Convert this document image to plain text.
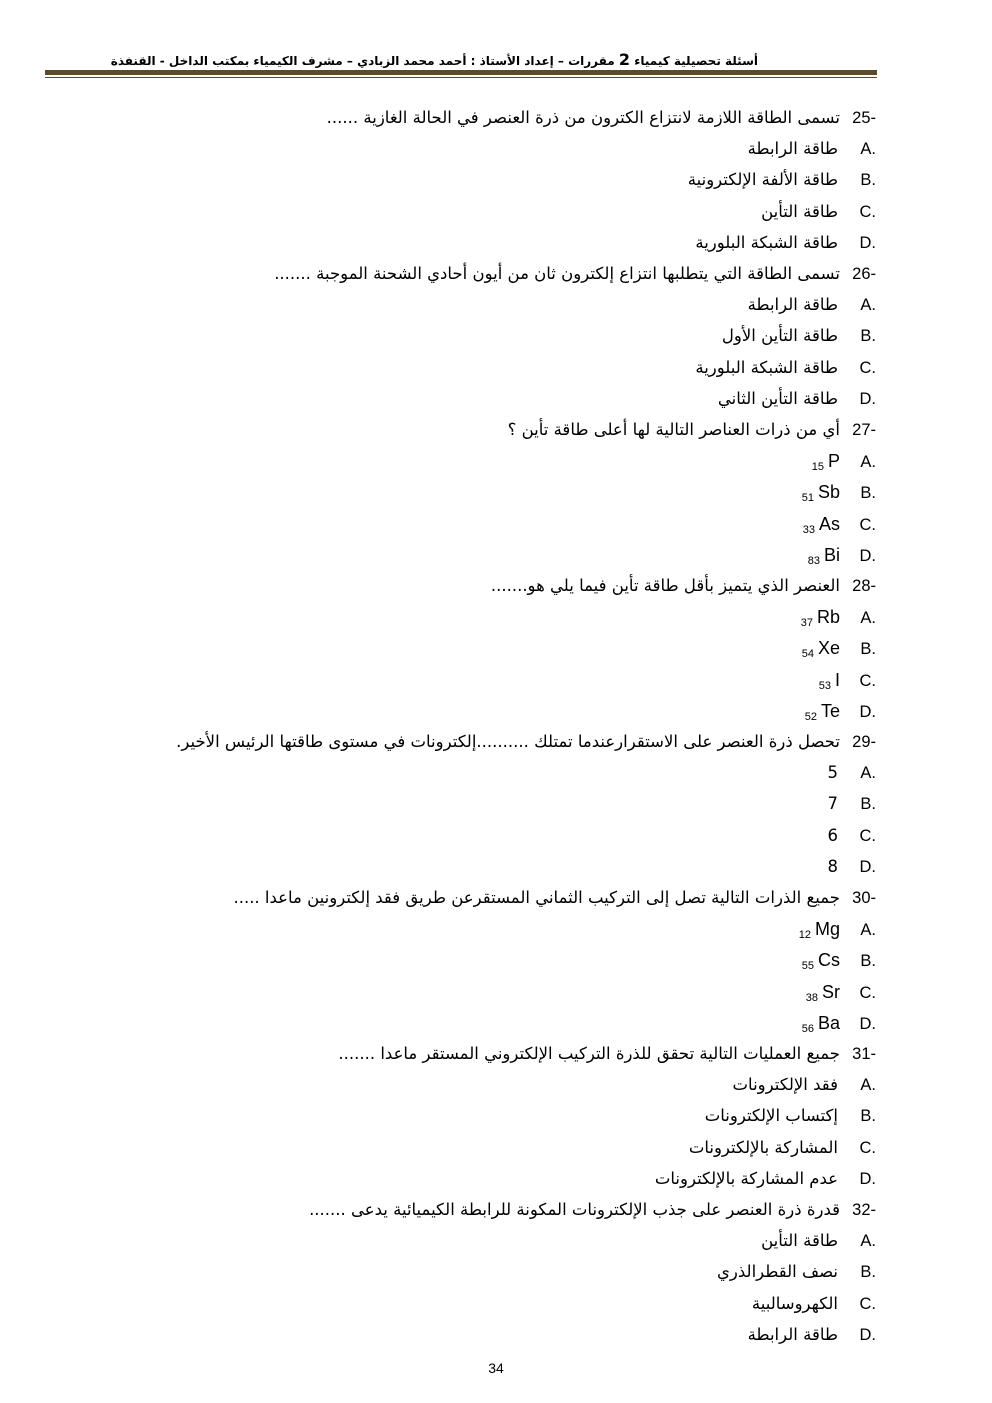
أسئلة تحصيلية كيمياء 2 مقررات – إعداد الأستاذ : أحمد محمد الزبادي – مشرف الكيمياء بمكتب الداخل - القنفذة
25-تسمى الطاقة اللازمة لانتزاع الكترون من ذرة العنصر في الحالة الغازية ......
A.طاقة الرابطة
B.طاقة الألفة الإلكترونية
C.طاقة التأين
D.طاقة الشبكة البلورية
26-تسمى الطاقة التي يتطلبها انتزاع إلكترون ثان من أيون أحادي الشحنة الموجبة .......
A.طاقة الرابطة
B.طاقة التأين الأول
C.طاقة الشبكة البلورية
D.طاقة التأين الثاني
27-أي من ذرات العناصر التالية لها أعلى طاقة تأين ؟
$A._{15}$ P
$B._{51}$ Sb
$C._{33}$ As
$D._{83}$ Bi
28-العنصر الذي يتميز بأقل طاقة تأين فيما يلي هو.......
$A._{37}$ Rb
$B._{54}$ Xe
$C._{53}$ I
$D._{52}$ Te
29-تحصل ذرة العنصر على الاستقرارعندما تمتلك ..........إلكترونات في مستوى طاقتها الرئيس الأخير.
A.5
B.7
C.6
D.8
30-جميع الذرات التالية تصل إلى التركيب الثماني المستقرعن طريق فقد إلكترونين ماعدا .....
$A._{12}$ Mg
$B._{55}$ Cs
$C._{38}$ Sr
$D._{56}$ Ba
31-جميع العمليات التالية تحقق للذرة التركيب الإلكتروني المستقر ماعدا .......
A.فقد الإلكترونات
B.إكتساب الإلكترونات
C.المشاركة بالإلكترونات
D.عدم المشاركة بالإلكترونات
32-قدرة ذرة العنصر على جذب الإلكترونات المكونة للرابطة الكيميائية يدعى .......
A.طاقة التأين
B.نصف القطرالذري
C.الكهروسالبية
D.طاقة الرابطة
34
